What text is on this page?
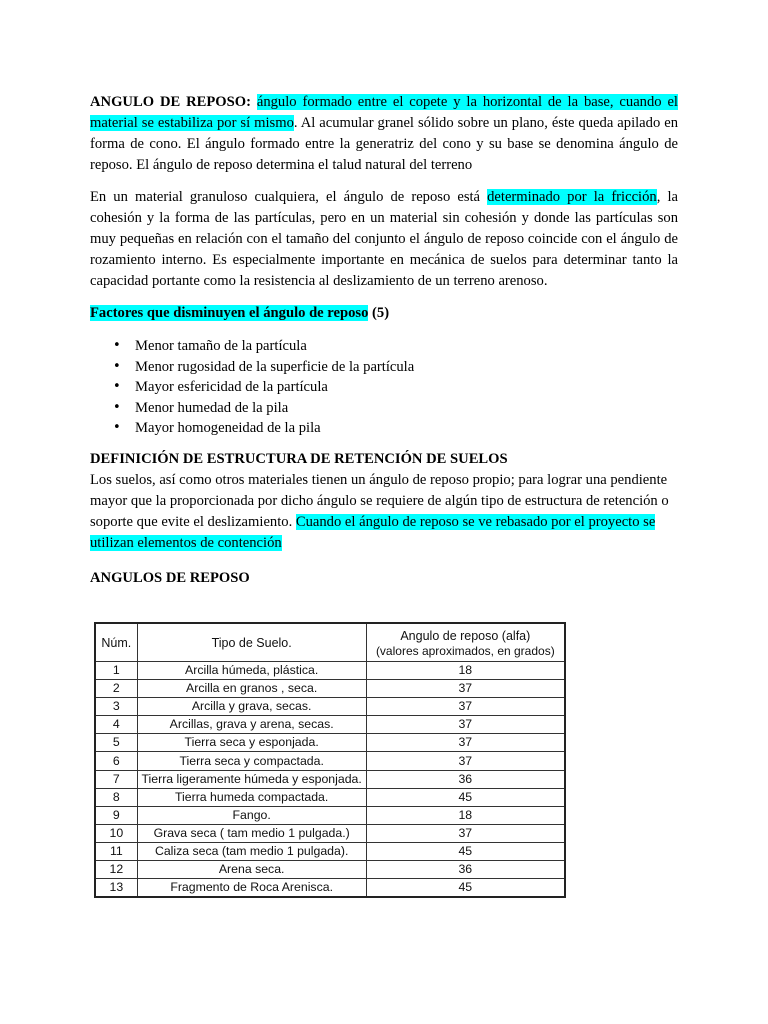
ANGULO DE REPOSO: ángulo formado entre el copete y la horizontal de la base, cuando el material se estabiliza por sí mismo. Al acumular granel sólido sobre un plano, éste queda apilado en forma de cono. El ángulo formado entre la generatriz del cono y su base se denomina ángulo de reposo. El ángulo de reposo determina el talud natural del terreno

En un material granuloso cualquiera, el ángulo de reposo está determinado por la fricción, la cohesión y la forma de las partículas, pero en un material sin cohesión y donde las partículas son muy pequeñas en relación con el tamaño del conjunto el ángulo de reposo coincide con el ángulo de rozamiento interno. Es especialmente importante en mecánica de suelos para determinar tanto la capacidad portante como la resistencia al deslizamiento de un terreno arenoso.

Factores que disminuyen el ángulo de reposo (5)

• Menor tamaño de la partícula
• Menor rugosidad de la superficie de la partícula
• Mayor esfericidad de la partícula
• Menor humedad de la pila
• Mayor homogeneidad de la pila

DEFINICIÓN DE ESTRUCTURA DE RETENCIÓN DE SUELOS

Los suelos, así como otros materiales tienen un ángulo de reposo propio; para lograr una pendiente mayor que la proporcionada por dicho ángulo se requiere de algún tipo de estructura de retención o soporte que evite el deslizamiento. Cuando el ángulo de reposo se ve rebasado por el proyecto se utilizan elementos de contención

ANGULOS DE REPOSO

Núm.	Tipo de Suelo.	Angulo de reposo (alfa)
(valores aproximados, en grados)

1	Arcilla húmeda, plástica.	18
2	Arcilla en granos , seca.	37
3	Arcilla y grava, secas.	37
4	Arcillas, grava y arena, secas.	37
5	Tierra seca y esponjada.	37
6	Tierra seca y compactada.	37
7	Tierra ligeramente húmeda y esponjada.	36
8	Tierra humeda compactada.	45
9	Fango.	18
10	Grava seca ( tam medio 1 pulgada.)	37
11	Caliza seca (tam medio 1 pulgada).	45
12	Arena seca.	36
13	Fragmento de Roca Arenisca.	45
